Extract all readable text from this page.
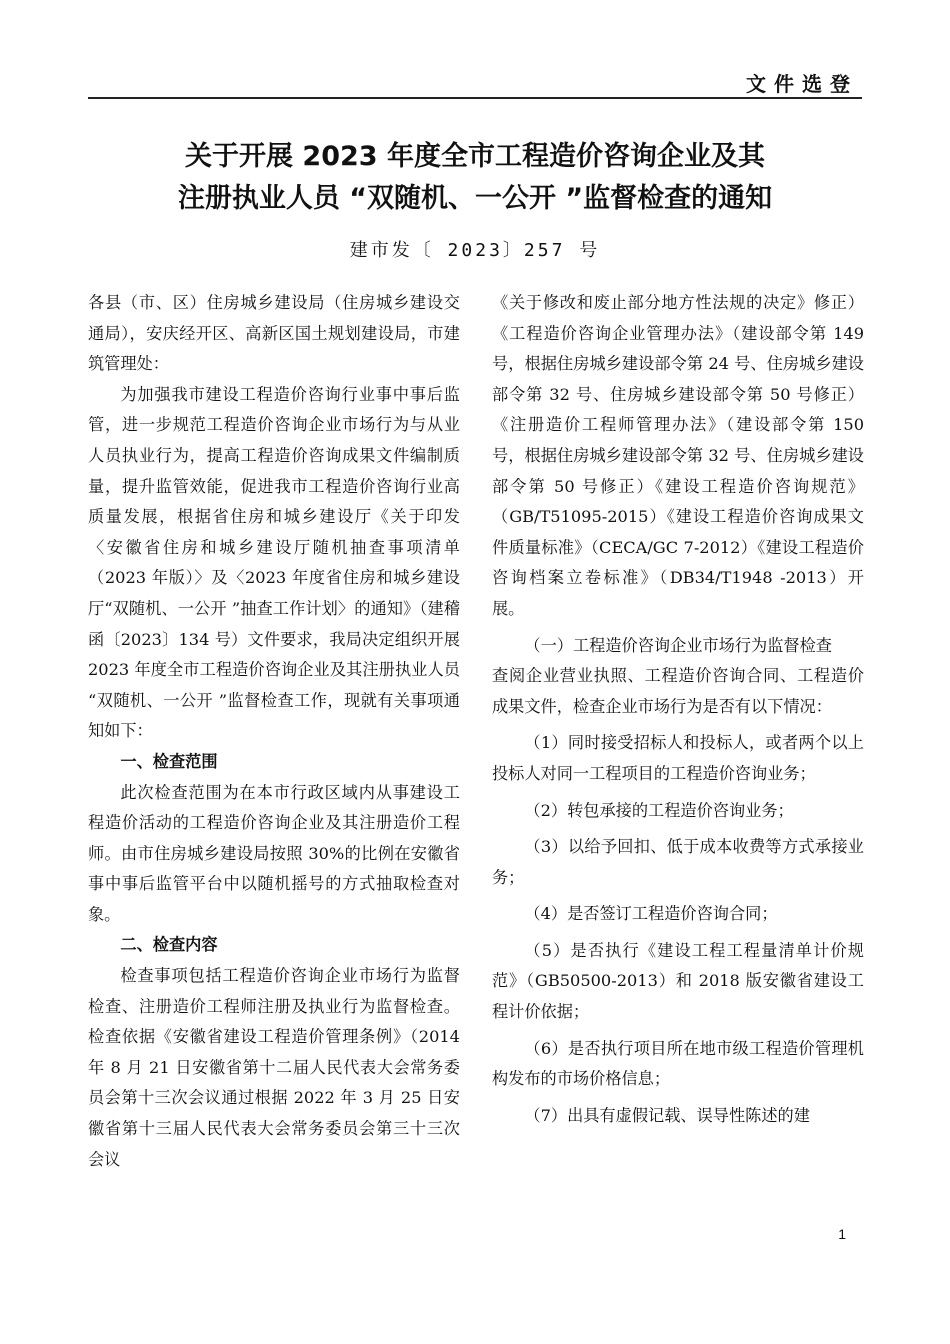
文件选登
关于开展 2023 年度全市工程造价咨询企业及其
注册执业人员 “双随机、一公开 ”监督检查的通知
建市发〔 2023〕257 号

各县（市、区）住房城乡建设局（住房城乡建设交通局），安庆经开区、高新区国土规划建设局，市建筑管理处：

为加强我市建设工程造价咨询行业事中事后监管，进一步规范工程造价咨询企业市场行为与从业人员执业行为，提高工程造价咨询成果文件编制质量，提升监管效能，促进我市工程造价咨询行业高质量发展，根据省住房和城乡建设厅《关于印发〈安徽省住房和城乡建设厅随机抽查事项清单（2023 年版）〉及〈2023 年度省住房和城乡建设厅“双随机、一公开 ”抽查工作计划〉的通知》（建稽函〔2023〕134 号）文件要求，我局决定组织开展 2023 年度全市工程造价咨询企业及其注册执业人员 “双随机、一公开 ”监督检查工作，现就有关事项通知如下：

一、检查范围

此次检查范围为在本市行政区域内从事建设工程造价活动的工程造价咨询企业及其注册造价工程师。由市住房城乡建设局按照 30%的比例在安徽省事中事后监管平台中以随机摇号的方式抽取检查对象。

二、检查内容

检查事项包括工程造价咨询企业市场行为监督检查、注册造价工程师注册及执业行为监督检查。检查依据《安徽省建设工程造价管理条例》（2014 年 8 月 21 日安徽省第十二届人民代表大会常务委员会第十三次会议通过根据 2022 年 3 月 25 日安徽省第十三届人民代表大会常务委员会第三十三次会议

《关于修改和废止部分地方性法规的决定》修正）《工程造价咨询企业管理办法》（建设部令第 149 号，根据住房城乡建设部令第 24 号、住房城乡建设部令第 32 号、住房城乡建设部令第 50 号修正）《注册造价工程师管理办法》（建设部令第 150 号，根据住房城乡建设部令第 32 号、住房城乡建设部令第 50 号修正）《建设工程造价咨询规范》（GB/T51095-2015）《建设工程造价咨询成果文件质量标准》（CECA/GC 7-2012）《建设工程造价咨询档案立卷标准》（DB34/T1948 -2013）开展。

（一）工程造价咨询企业市场行为监督检查

查阅企业营业执照、工程造价咨询合同、工程造价成果文件，检查企业市场行为是否有以下情况：

（1）同时接受招标人和投标人，或者两个以上投标人对同一工程项目的工程造价咨询业务；

（2）转包承接的工程造价咨询业务；

（3）以给予回扣、低于成本收费等方式承接业务；

（4）是否签订工程造价咨询合同；

（5）是否执行《建设工程工程量清单计价规范》（GB50500-2013）和 2018 版安徽省建设工程计价依据；

（6）是否执行项目所在地市级工程造价管理机构发布的市场价格信息；

（7）出具有虚假记载、误导性陈述的建

1
